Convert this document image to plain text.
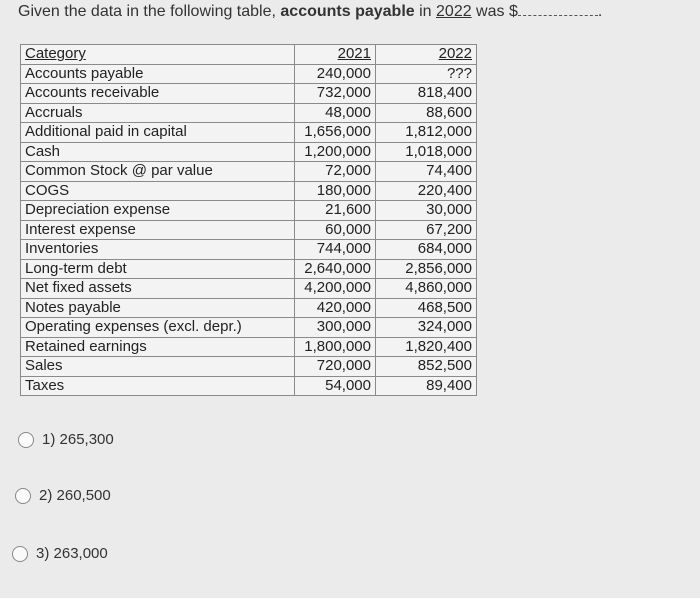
Given the data in the following table, accounts payable in 2022 was $	.
Category	2021	2022
Accounts payable	240,000	???
Accounts receivable	732,000	818,400
Accruals	48,000	88,600
Additional paid in capital	1,656,000	1,812,000
Cash	1,200,000	1,018,000
Common Stock @ par value	72,000	74,400
COGS	180,000	220,400
Depreciation expense	21,600	30,000
Interest expense	60,000	67,200
Inventories	744,000	684,000
Long-term debt	2,640,000	2,856,000
Net fixed assets	4,200,000	4,860,000
Notes payable	420,000	468,500
Operating expenses (excl. depr.)	300,000	324,000
Retained earnings	1,800,000	1,820,400
Sales	720,000	852,500
Taxes	54,000	89,400
1) 265,300
2) 260,500
3) 263,000
